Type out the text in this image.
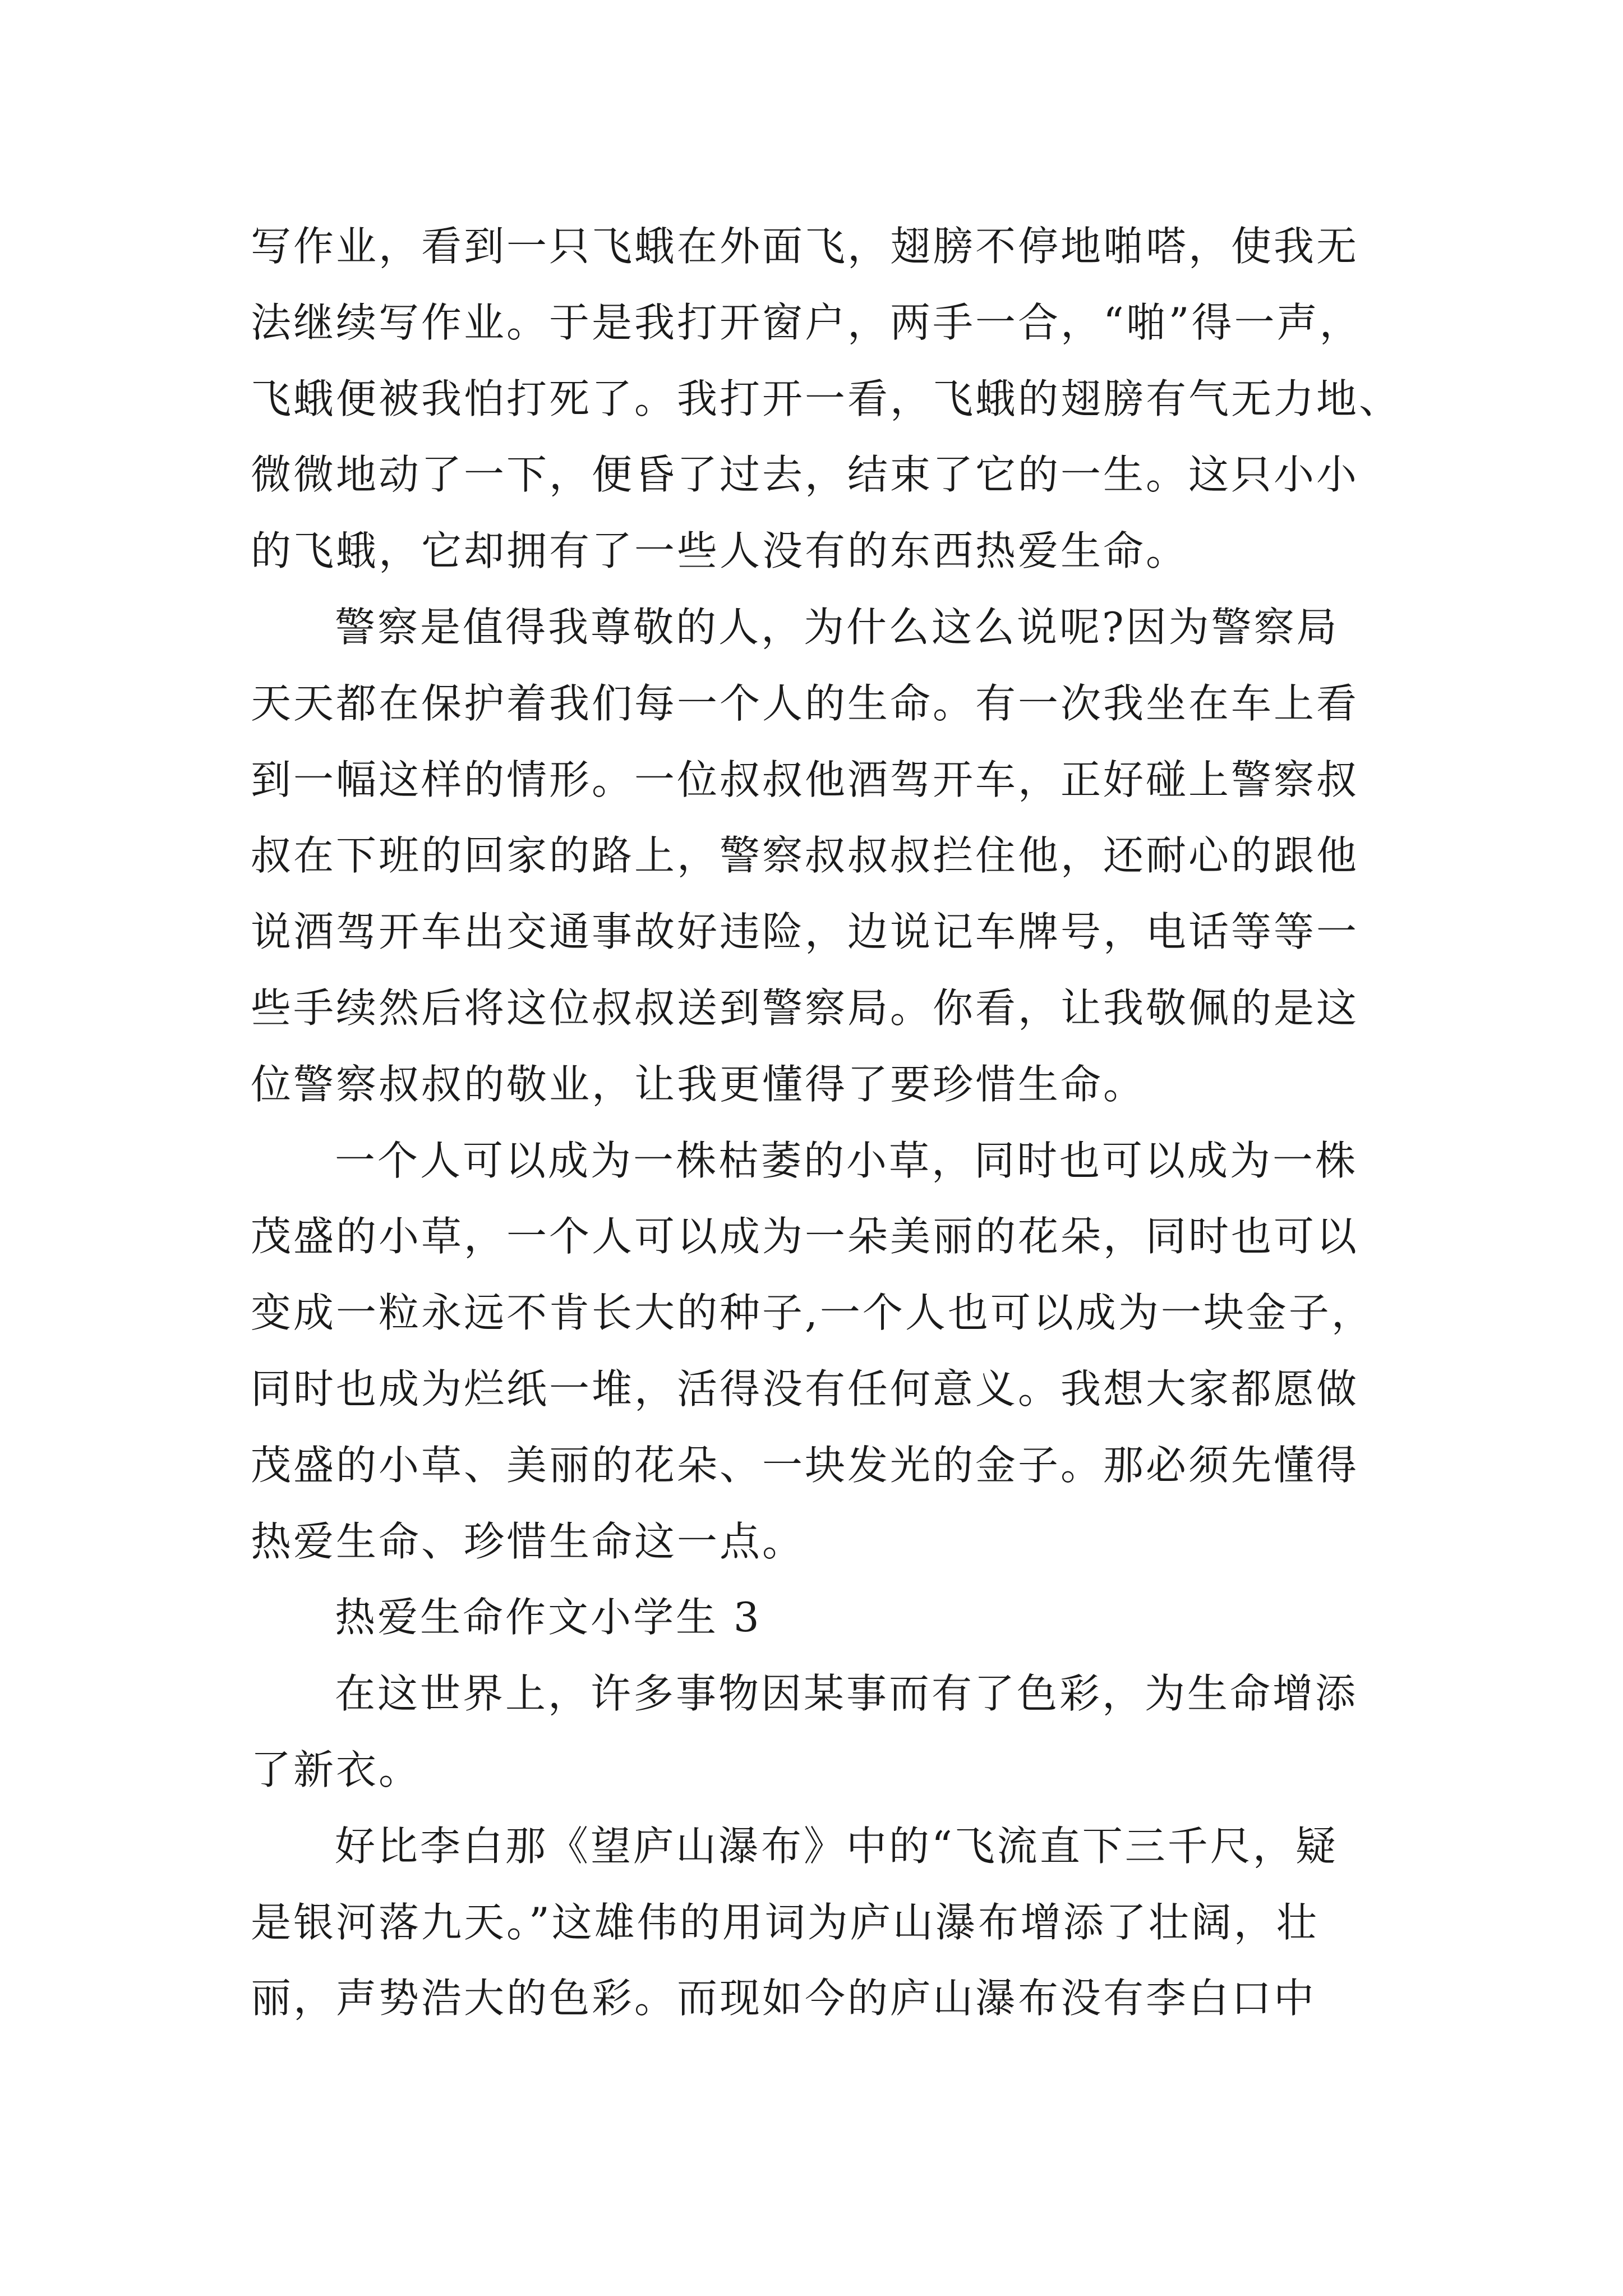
写作业，看到一只飞蛾在外面飞，翅膀不停地啪嗒，使我无
法继续写作业。于是我打开窗户，两手一合，“啪”得一声，
飞蛾便被我怕打死了。我打开一看，飞蛾的翅膀有气无力地、
微微地动了一下，便昏了过去，结束了它的一生。这只小小
的飞蛾，它却拥有了一些人没有的东西热爱生命。
警察是值得我尊敬的人，为什么这么说呢?因为警察局
天天都在保护着我们每一个人的生命。有一次我坐在车上看
到一幅这样的情形。一位叔叔他酒驾开车，正好碰上警察叔
叔在下班的回家的路上，警察叔叔叔拦住他，还耐心的跟他
说酒驾开车出交通事故好违险，边说记车牌号，电话等等一
些手续然后将这位叔叔送到警察局。你看，让我敬佩的是这
位警察叔叔的敬业，让我更懂得了要珍惜生命。
一个人可以成为一株枯萎的小草，同时也可以成为一株
茂盛的小草，一个人可以成为一朵美丽的花朵，同时也可以
变成一粒永远不肯长大的种子,一个人也可以成为一块金子，
同时也成为烂纸一堆，活得没有任何意义。我想大家都愿做
茂盛的小草、美丽的花朵、一块发光的金子。那必须先懂得
热爱生命、珍惜生命这一点。
热爱生命作文小学生 3
在这世界上，许多事物因某事而有了色彩，为生命增添
了新衣。
好比李白那《望庐山瀑布》中的“飞流直下三千尺，疑
是银河落九天。”这雄伟的用词为庐山瀑布增添了壮阔，壮
丽，声势浩大的色彩。而现如今的庐山瀑布没有李白口中
